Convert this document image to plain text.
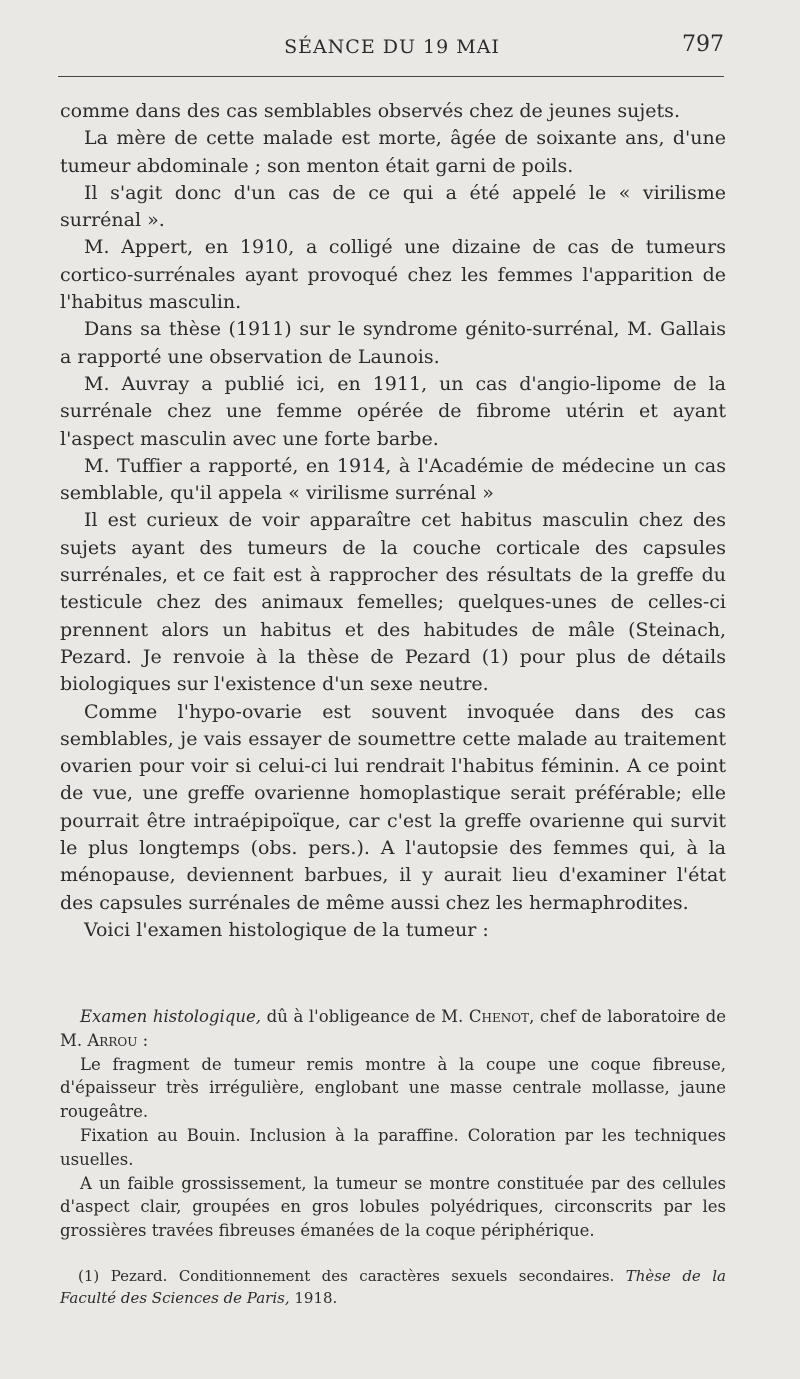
SÉANCE DU 19 MAI	797

comme dans des cas semblables observés chez de jeunes sujets.

La mère de cette malade est morte, âgée de soixante ans, d'une tumeur abdominale ; son menton était garni de poils.

Il s'agit donc d'un cas de ce qui a été appelé le « virilisme surrénal ».

M. Appert, en 1910, a colligé une dizaine de cas de tumeurs cortico-surrénales ayant provoqué chez les femmes l'apparition de l'habitus masculin.

Dans sa thèse (1911) sur le syndrome génito-surrénal, M. Gallais a rapporté une observation de Launois.

M. Auvray a publié ici, en 1911, un cas d'angio-lipome de la surrénale chez une femme opérée de fibrome utérin et ayant l'aspect masculin avec une forte barbe.

M. Tuffier a rapporté, en 1914, à l'Académie de médecine un cas semblable, qu'il appela « virilisme surrénal »

Il est curieux de voir apparaître cet habitus masculin chez des sujets ayant des tumeurs de la couche corticale des capsules surrénales, et ce fait est à rapprocher des résultats de la greffe du testicule chez des animaux femelles; quelques-unes de celles-ci prennent alors un habitus et des habitudes de mâle (Steinach, Pezard. Je renvoie à la thèse de Pezard (1) pour plus de détails biologiques sur l'existence d'un sexe neutre.

Comme l'hypo-ovarie est souvent invoquée dans des cas semblables, je vais essayer de soumettre cette malade au traitement ovarien pour voir si celui-ci lui rendrait l'habitus féminin. A ce point de vue, une greffe ovarienne homoplastique serait préférable; elle pourrait être intraépipoïque, car c'est la greffe ovarienne qui survit le plus longtemps (obs. pers.). A l'autopsie des femmes qui, à la ménopause, deviennent barbues, il y aurait lieu d'examiner l'état des capsules surrénales de même aussi chez les hermaphrodites.

Voici l'examen histologique de la tumeur :

Examen histologique, dû à l'obligeance de M. Chenot, chef de laboratoire de M. Arrou :

Le fragment de tumeur remis montre à la coupe une coque fibreuse, d'épaisseur très irrégulière, englobant une masse centrale mollasse, jaune rougeâtre.

Fixation au Bouin. Inclusion à la paraffine. Coloration par les techniques usuelles.

A un faible grossissement, la tumeur se montre constituée par des cellules d'aspect clair, groupées en gros lobules polyédriques, circonscrits par les grossières travées fibreuses émanées de la coque périphérique.

(1) Pezard. Conditionnement des caractères sexuels secondaires. Thèse de la Faculté des Sciences de Paris, 1918.
